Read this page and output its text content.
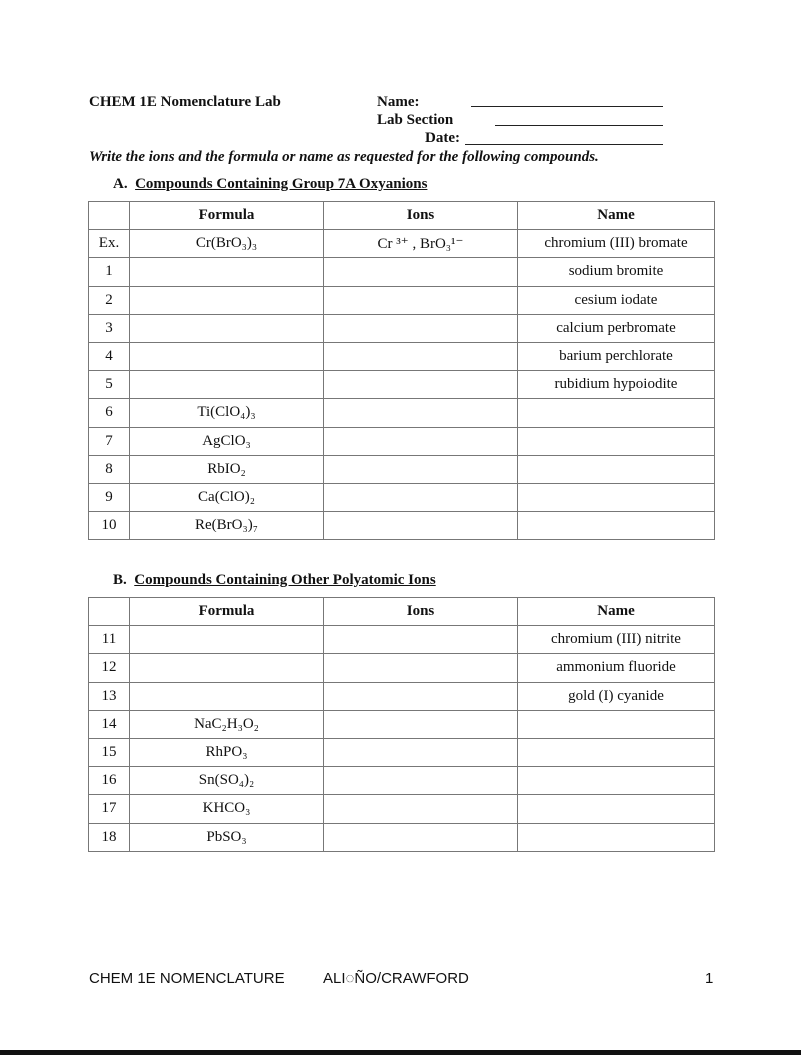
CHEM 1E Nomenclature Lab	Name:
Lab Section
Date:
Write the ions and the formula or name as requested for the following compounds.
A. Compounds Containing Group 7A Oxyanions
	Formula	Ions	Name
Ex.	Cr(BrO₃)₃	Cr ³⁺ , BrO₃¹⁻	chromium (III) bromate
1			sodium bromite
2			cesium iodate
3			calcium perbromate
4			barium perchlorate
5			rubidium hypoiodite
6	Ti(ClO₄)₃		
7	AgClO₃		
8	RbIO₂		
9	Ca(ClO)₂		
10	Re(BrO₃)₇		
B. Compounds Containing Other Polyatomic Ions
	Formula	Ions	Name
11			chromium (III) nitrite
12			ammonium fluoride
13			gold (I) cyanide
14	NaC₂H₃O₂		
15	RhPO₃		
16	Sn(SO₄)₂		
17	KHCO₃		
18	PbSO₃		
CHEM 1E NOMENCLATURE	ALI◌ÑO/CRAWFORD	1
